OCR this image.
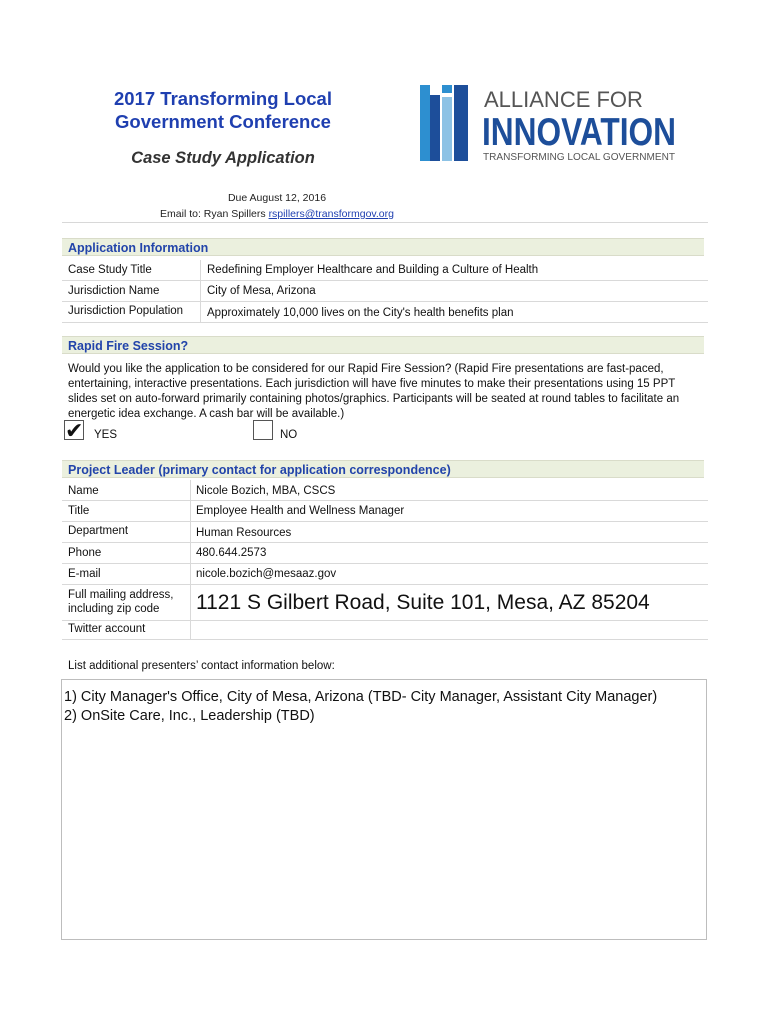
2017 Transforming Local
Government Conference
Case Study Application
Due August 12, 2016
Email to: Ryan Spillers rspillers@transformgov.org
ALLIANCE FOR
INNOVATION
TRANSFORMING LOCAL GOVERNMENT
Application Information
Case Study Title	Redefining Employer Healthcare and Building a Culture of Health
Jurisdiction Name	City of Mesa, Arizona
Jurisdiction Population Approximately 10,000 lives on the City's health benefits plan
Rapid Fire Session?
Would you like the application to be considered for our Rapid Fire Session? (Rapid Fire presentations are fast-paced, entertaining, interactive presentations. Each jurisdiction will have five minutes to make their presentations using 15 PPT slides set on auto-forward primarily containing photos/graphics. Participants will be seated at round tables to facilitate an energetic idea exchange. A cash bar will be available.)
✔ YES	NO
Project Leader (primary contact for application correspondence)
Name	Nicole Bozich, MBA, CSCS
Title	Employee Health and Wellness Manager
Department	Human Resources
Phone	480.644.2573
E-mail	nicole.bozich@mesaaz.gov
Full mailing address,
including zip code	1121 S Gilbert Road, Suite 101, Mesa, AZ 85204
Twitter account
List additional presenters’ contact information below:
1) City Manager's Office, City of Mesa, Arizona (TBD- City Manager, Assistant City Manager)
2) OnSite Care, Inc., Leadership (TBD)
